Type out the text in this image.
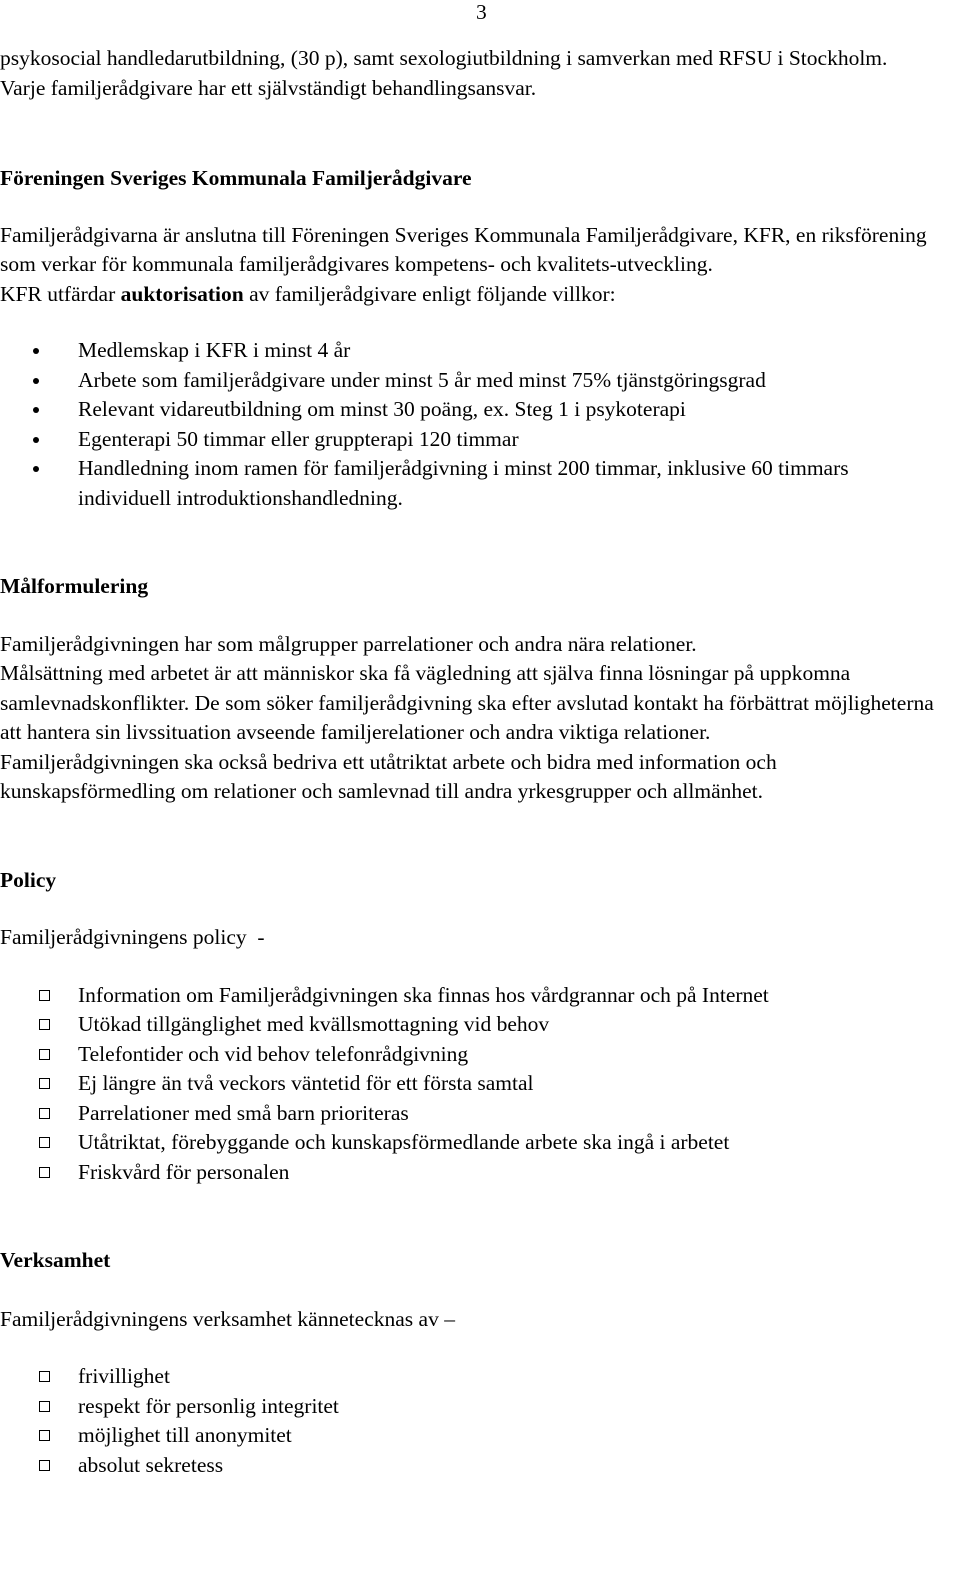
3

psykosocial handledarutbildning, (30 p), samt sexologiutbildning i samverkan med RFSU i Stockholm.

Varje familjerådgivare har ett självständigt behandlingsansvar.

Föreningen Sveriges Kommunala Familjerådgivare

Familjerådgivarna är anslutna till Föreningen Sveriges Kommunala Familjerådgivare, KFR, en riksförening som verkar för kommunala familjerådgivares kompetens- och kvalitets-utveckling.

KFR utfärdar auktorisation av familjerådgivare enligt följande villkor:

Medlemskap i KFR i minst 4 år
Arbete som familjerådgivare under minst 5 år med minst 75% tjänstgöringsgrad
Relevant vidareutbildning om minst 30 poäng, ex. Steg 1 i psykoterapi
Egenterapi 50 timmar eller gruppterapi 120 timmar
Handledning inom ramen för familjerådgivning i minst 200 timmar, inklusive 60 timmars individuell introduktionshandledning.

Målformulering

Familjerådgivningen har som målgrupper parrelationer och andra nära relationer.

Målsättning med arbetet är att människor ska få vägledning att själva finna lösningar på uppkomna samlevnadskonflikter. De som söker familjerådgivning ska efter avslutad kontakt ha förbättrat möjligheterna att hantera sin livssituation avseende familjerelationer och andra viktiga relationer.

Familjerådgivningen ska också bedriva ett utåtriktat arbete och bidra med information och kunskapsförmedling om relationer och samlevnad till andra yrkesgrupper och allmänhet.

Policy

Familjerådgivningens policy  -

Information om Familjerådgivningen ska finnas hos vårdgrannar och på Internet
Utökad tillgänglighet med kvällsmottagning vid behov
Telefontider och vid behov telefonrådgivning
Ej längre än två veckors väntetid för ett första samtal
Parrelationer med små barn prioriteras
Utåtriktat, förebyggande och kunskapsförmedlande arbete ska ingå i arbetet
Friskvård för personalen

Verksamhet

Familjerådgivningens verksamhet kännetecknas av –

frivillighet
respekt för personlig integritet
möjlighet till anonymitet
absolut sekretess
